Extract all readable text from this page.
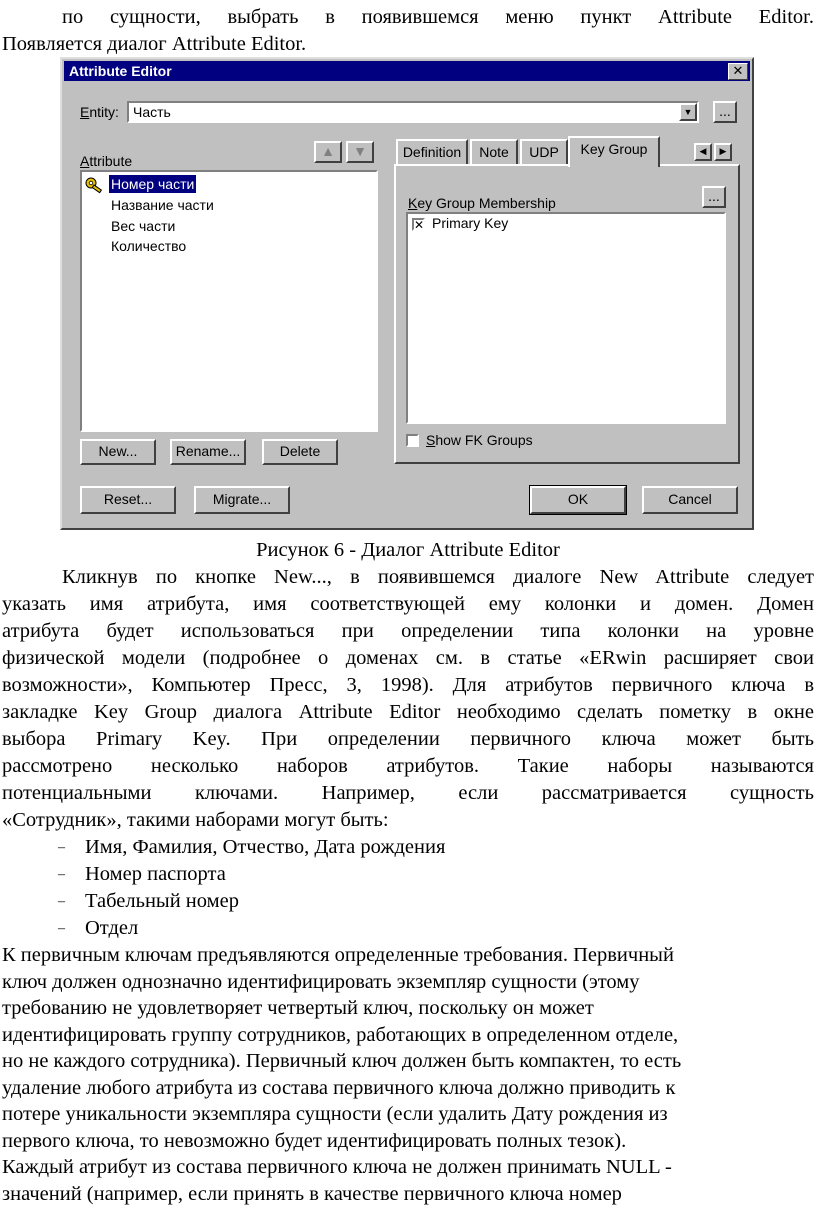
по сущности, выбрать в появившемся меню пункт Attribute Editor.
Появляется диалог Attribute Editor.
Attribute Editor	✕
Entity: Часть	▼	...
Attribute
▲	▼
Номер части
Название части
Вес части
Количество
Definition	Note	UDP	Key Group	◀	▶
Key Group Membership	...
✕ Primary Key
Show FK Groups
New...	Rename...	Delete
Reset...	Migrate...	OK	Cancel
Рисунок 6 - Диалог Attribute Editor
Кликнув по кнопке New..., в появившемся диалоге New Attribute следует
указать имя атрибута, имя соответствующей ему колонки и домен. Домен
атрибута будет использоваться при определении типа колонки на уровне
физической модели (подробнее о доменах см. в статье «ERwin расширяет свои
возможности», Компьютер Пресс, 3, 1998). Для атрибутов первичного ключа в
закладке Key Group диалога Attribute Editor необходимо сделать пометку в окне
выбора Primary Key. При определении первичного ключа может быть
рассмотрено несколько наборов атрибутов. Такие наборы называются
потенциальными ключами. Например, если рассматривается сущность
«Сотрудник», такими наборами могут быть:
– Имя, Фамилия, Отчество, Дата рождения
– Номер паспорта
– Табельный номер
– Отдел
К первичным ключам предъявляются определенные требования. Первичный
ключ должен однозначно идентифицировать экземпляр сущности (этому
требованию не удовлетворяет четвертый ключ, поскольку он может
идентифицировать группу сотрудников, работающих в определенном отделе,
но не каждого сотрудника). Первичный ключ должен быть компактен, то есть
удаление любого атрибута из состава первичного ключа должно приводить к
потере уникальности экземпляра сущности (если удалить Дату рождения из
первого ключа, то невозможно будет идентифицировать полных тезок).
Каждый атрибут из состава первичного ключа не должен принимать NULL -
значений (например, если принять в качестве первичного ключа номер
